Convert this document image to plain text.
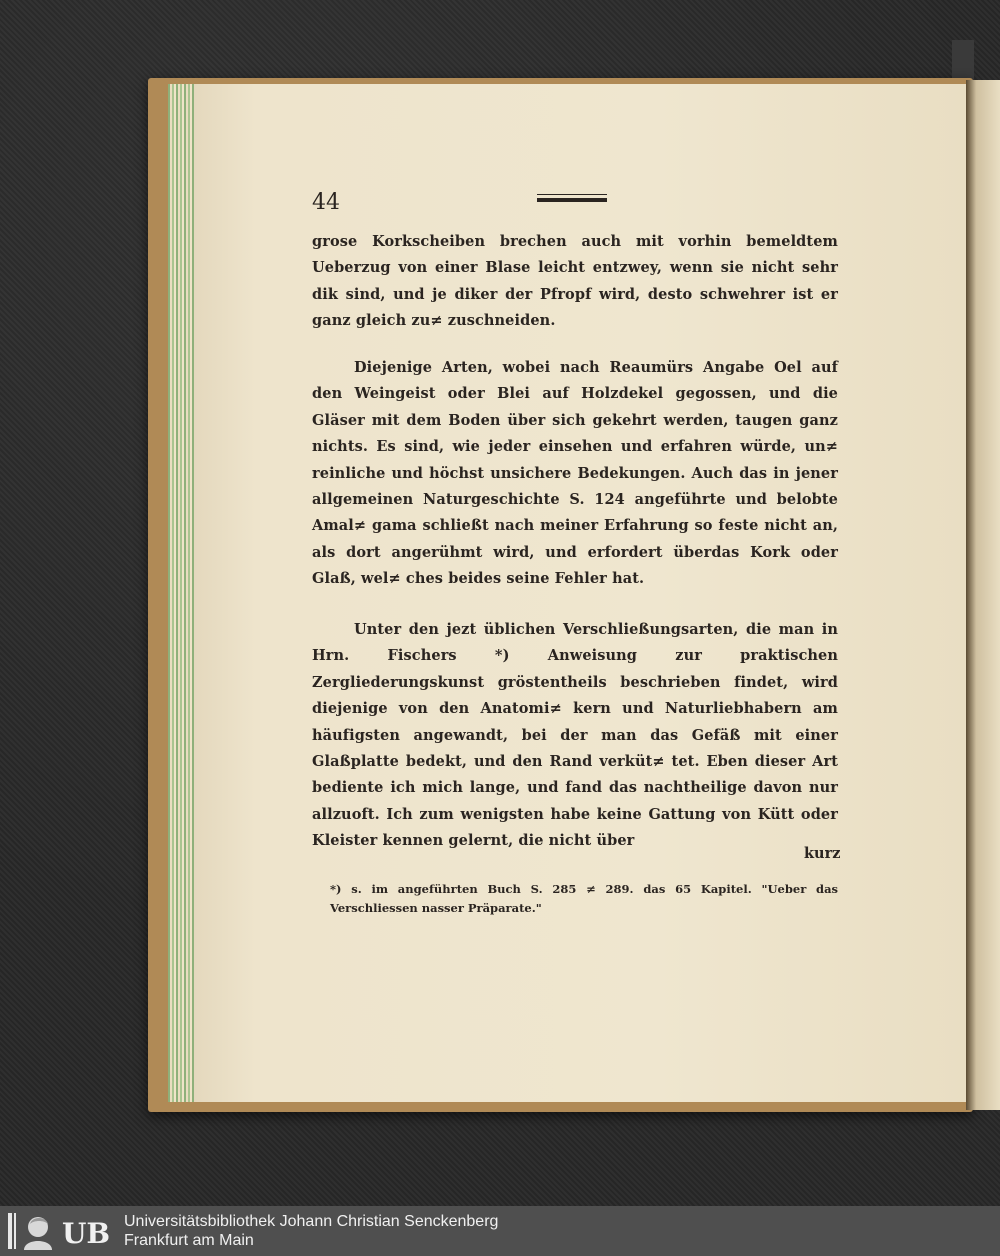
44

grose Korkscheiben brechen auch mit vorhin bemeldtem Ueberzug von einer Blase leicht entzwey, wenn sie nicht sehr dik sind, und je diker der Pfropf wird, desto schwehrer ist er ganz gleich zu≠ zuschneiden.

Diejenige Arten, wobei nach Reaumürs Angabe Oel auf den Weingeist oder Blei auf Holzdekel gegossen, und die Gläser mit dem Boden über sich gekehrt werden, taugen ganz nichts. Es sind, wie jeder einsehen und erfahren würde, un≠ reinliche und höchst unsichere Bedekungen. Auch das in jener allgemeinen Naturgeschichte S. 124 angeführte und belobte Amal≠ gama schließt nach meiner Erfahrung so feste nicht an, als dort angerühmt wird, und erfordert überdas Kork oder Glaß, wel≠ ches beides seine Fehler hat.

Unter den jezt üblichen Verschließungsarten, die man in Hrn. Fischers *) Anweisung zur praktischen Zergliederungskunst gröstentheils beschrieben findet, wird diejenige von den Anatomi≠ kern und Naturliebhabern am häufigsten angewandt, bei der man das Gefäß mit einer Glaßplatte bedekt, und den Rand verküt≠ tet. Eben dieser Art bediente ich mich lange, und fand das nachtheilige davon nur allzuoft. Ich zum wenigsten habe keine Gattung von Kütt oder Kleister kennen gelernt, die nicht über

kurz
*) s. im angeführten Buch S. 285 ≠ 289. das 65 Kapitel. "Ueber das Verschliessen nasser Präparate."
UB Universitätsbibliothek Johann Christian Senckenberg
Frankfurt am Main
